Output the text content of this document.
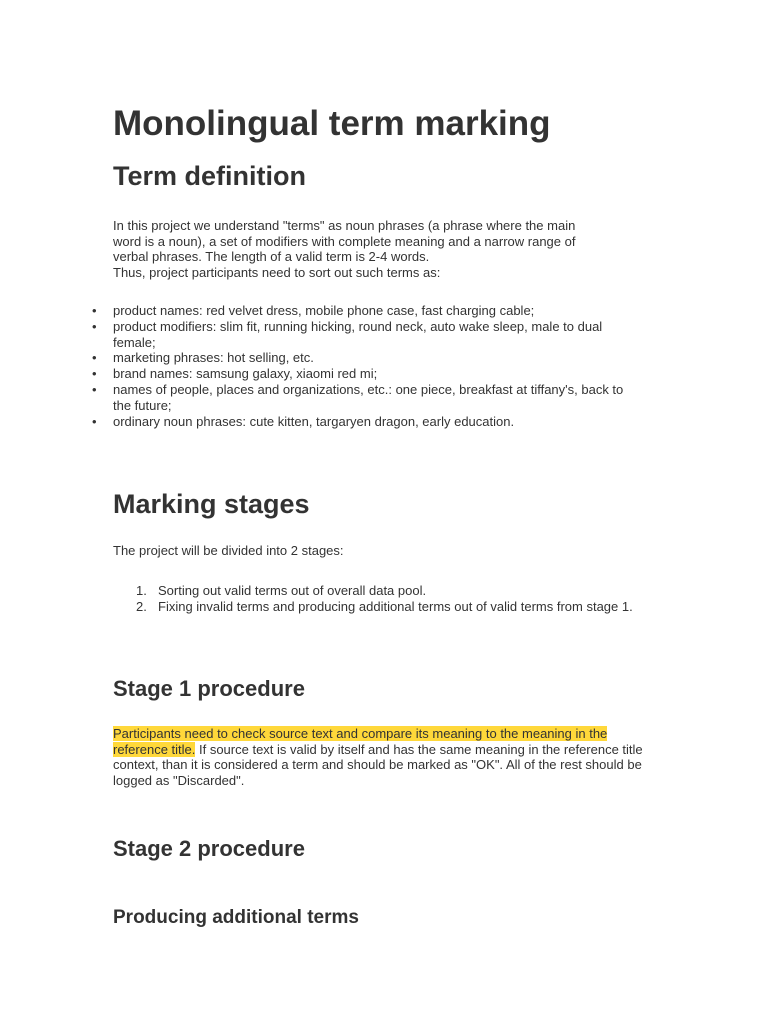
Monolingual term marking
Term definition

In this project we understand "terms" as noun phrases (a phrase where the main
word is a noun), a set of modifiers with complete meaning and a narrow range of
verbal phrases. The length of a valid term is 2-4 words.
Thus, project participants need to sort out such terms as:

• product names: red velvet dress, mobile phone case, fast charging cable;
• product modifiers: slim fit, running hicking, round neck, auto wake sleep, male to dual female;
• marketing phrases: hot selling, etc.
• brand names: samsung galaxy, xiaomi red mi;
• names of people, places and organizations, etc.: one piece, breakfast at tiffany's, back to the future;
• ordinary noun phrases: cute kitten, targaryen dragon, early education.
Marking stages

The project will be divided into 2 stages:

1. Sorting out valid terms out of overall data pool.
2. Fixing invalid terms and producing additional terms out of valid terms from stage 1.
Stage 1 procedure

Participants need to check source text and compare its meaning to the meaning in the reference title. If source text is valid by itself and has the same meaning in the reference title context, than it is considered a term and should be marked as "OK". All of the rest should be logged as "Discarded".

Stage 2 procedure
Producing additional terms
